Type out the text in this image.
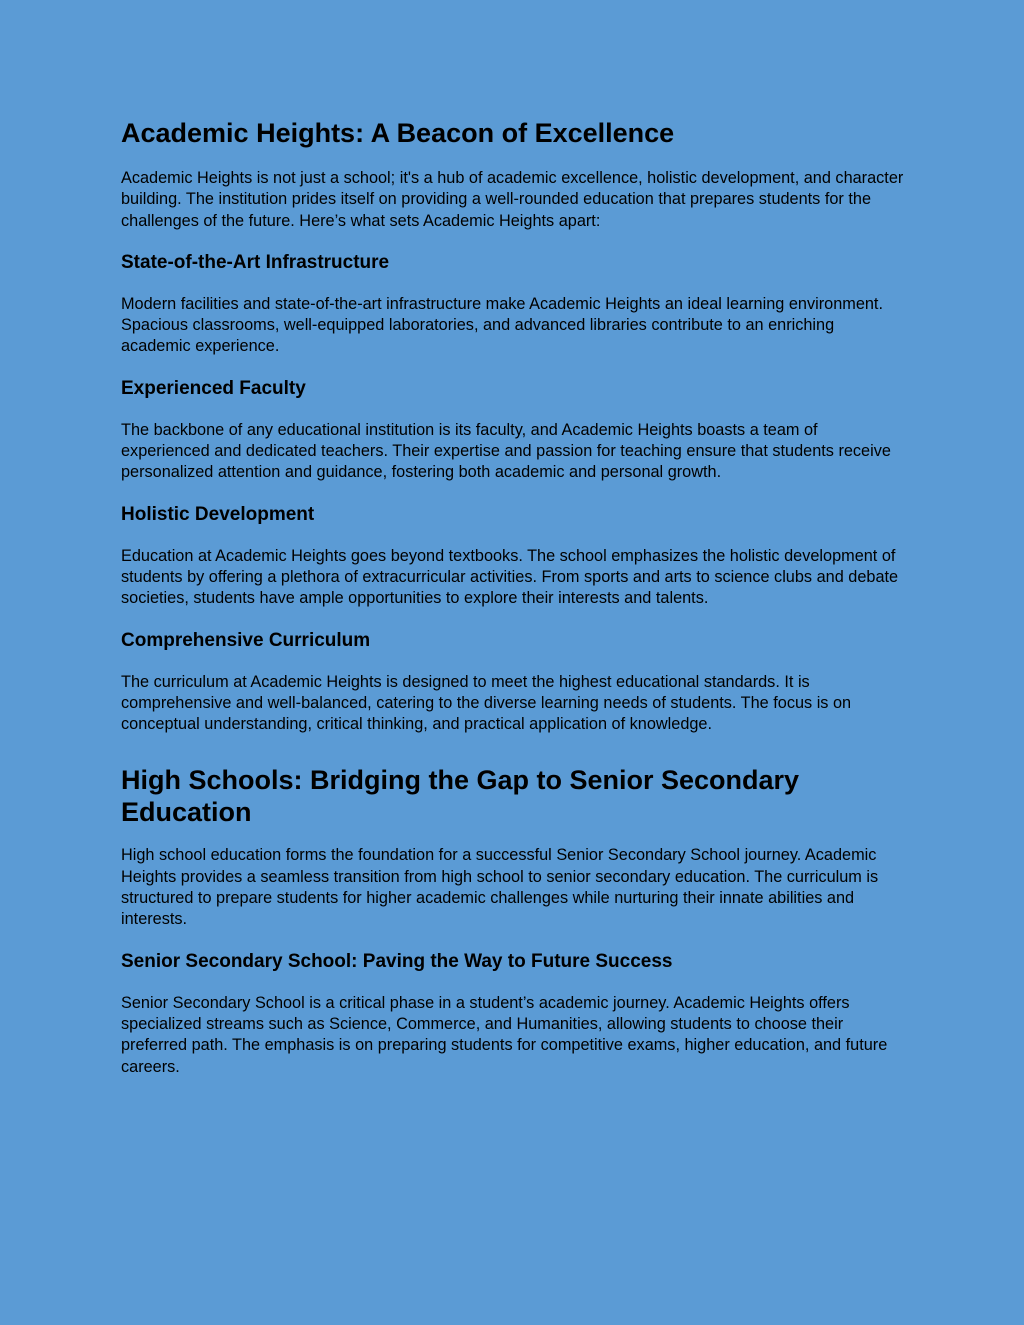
Academic Heights: A Beacon of Excellence

Academic Heights is not just a school; it's a hub of academic excellence, holistic development, and character building. The institution prides itself on providing a well-rounded education that prepares students for the challenges of the future. Here’s what sets Academic Heights apart:

State-of-the-Art Infrastructure

Modern facilities and state-of-the-art infrastructure make Academic Heights an ideal learning environment. Spacious classrooms, well-equipped laboratories, and advanced libraries contribute to an enriching academic experience.

Experienced Faculty

The backbone of any educational institution is its faculty, and Academic Heights boasts a team of experienced and dedicated teachers. Their expertise and passion for teaching ensure that students receive personalized attention and guidance, fostering both academic and personal growth.

Holistic Development

Education at Academic Heights goes beyond textbooks. The school emphasizes the holistic development of students by offering a plethora of extracurricular activities. From sports and arts to science clubs and debate societies, students have ample opportunities to explore their interests and talents.

Comprehensive Curriculum

The curriculum at Academic Heights is designed to meet the highest educational standards. It is comprehensive and well-balanced, catering to the diverse learning needs of students. The focus is on conceptual understanding, critical thinking, and practical application of knowledge.

High Schools: Bridging the Gap to Senior Secondary Education

High school education forms the foundation for a successful Senior Secondary School journey. Academic Heights provides a seamless transition from high school to senior secondary education. The curriculum is structured to prepare students for higher academic challenges while nurturing their innate abilities and interests.

Senior Secondary School: Paving the Way to Future Success

Senior Secondary School is a critical phase in a student’s academic journey. Academic Heights offers specialized streams such as Science, Commerce, and Humanities, allowing students to choose their preferred path. The emphasis is on preparing students for competitive exams, higher education, and future careers.
